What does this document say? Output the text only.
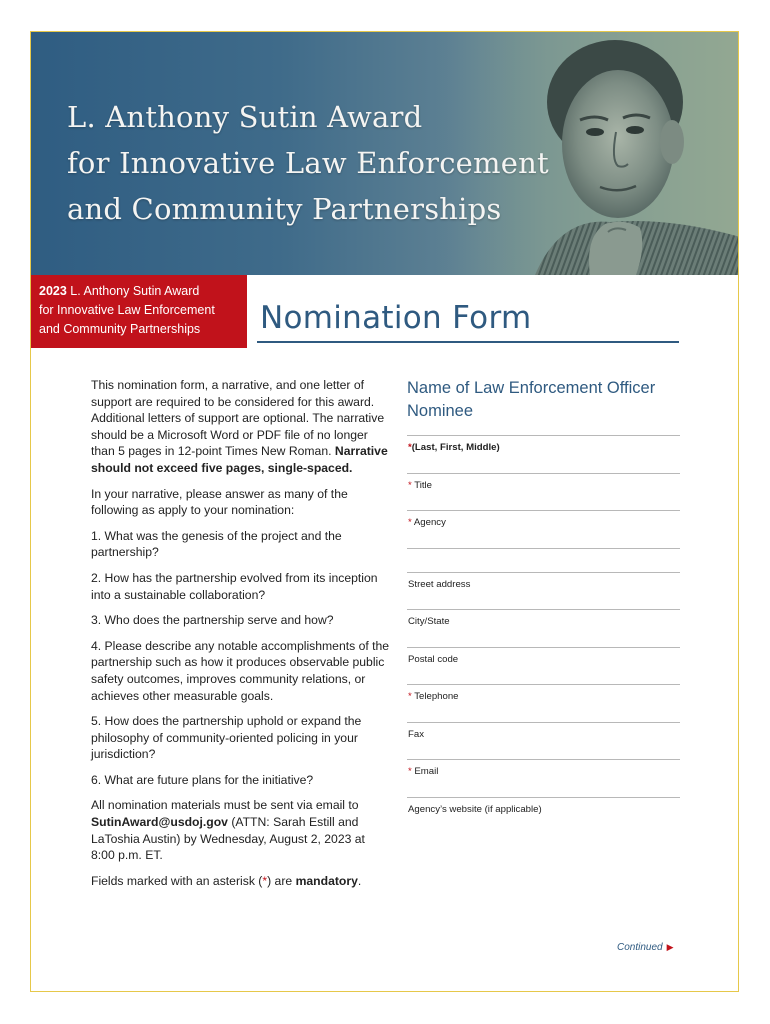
L. Anthony Sutin Award
for Innovative Law Enforcement
and Community Partnerships
2023 L. Anthony Sutin Award
for Innovative Law Enforcement
and Community Partnerships	Nomination Form

This nomination form, a narrative, and one letter of support are required to be considered for this award. Additional letters of support are optional. The narrative should be a Microsoft Word or PDF file of no longer than 5 pages in 12-point Times New Roman. Narrative should not exceed five pages, single-spaced.

In your narrative, please answer as many of the following as apply to your nomination:

1. What was the genesis of the project and the partnership?

2. How has the partnership evolved from its inception into a sustainable collaboration?

3. Who does the partnership serve and how?

4. Please describe any notable accomplishments of the partnership such as how it produces observable public safety outcomes, improves community relations, or achieves other measurable goals.

5. How does the partnership uphold or expand the philosophy of community-oriented policing in your jurisdiction?

6. What are future plans for the initiative?

All nomination materials must be sent via email to SutinAward@usdoj.gov (ATTN: Sarah Estill and LaToshia Austin) by Wednesday, August 2, 2023 at 8:00 p.m. ET.

Fields marked with an asterisk (*) are mandatory.

Name of Law Enforcement Officer Nominee
*(Last, First, Middle)
* Title
* Agency
Street address
City/State
Postal code
* Telephone
Fax
* Email
Agency’s website (if applicable)
Continued ▶
